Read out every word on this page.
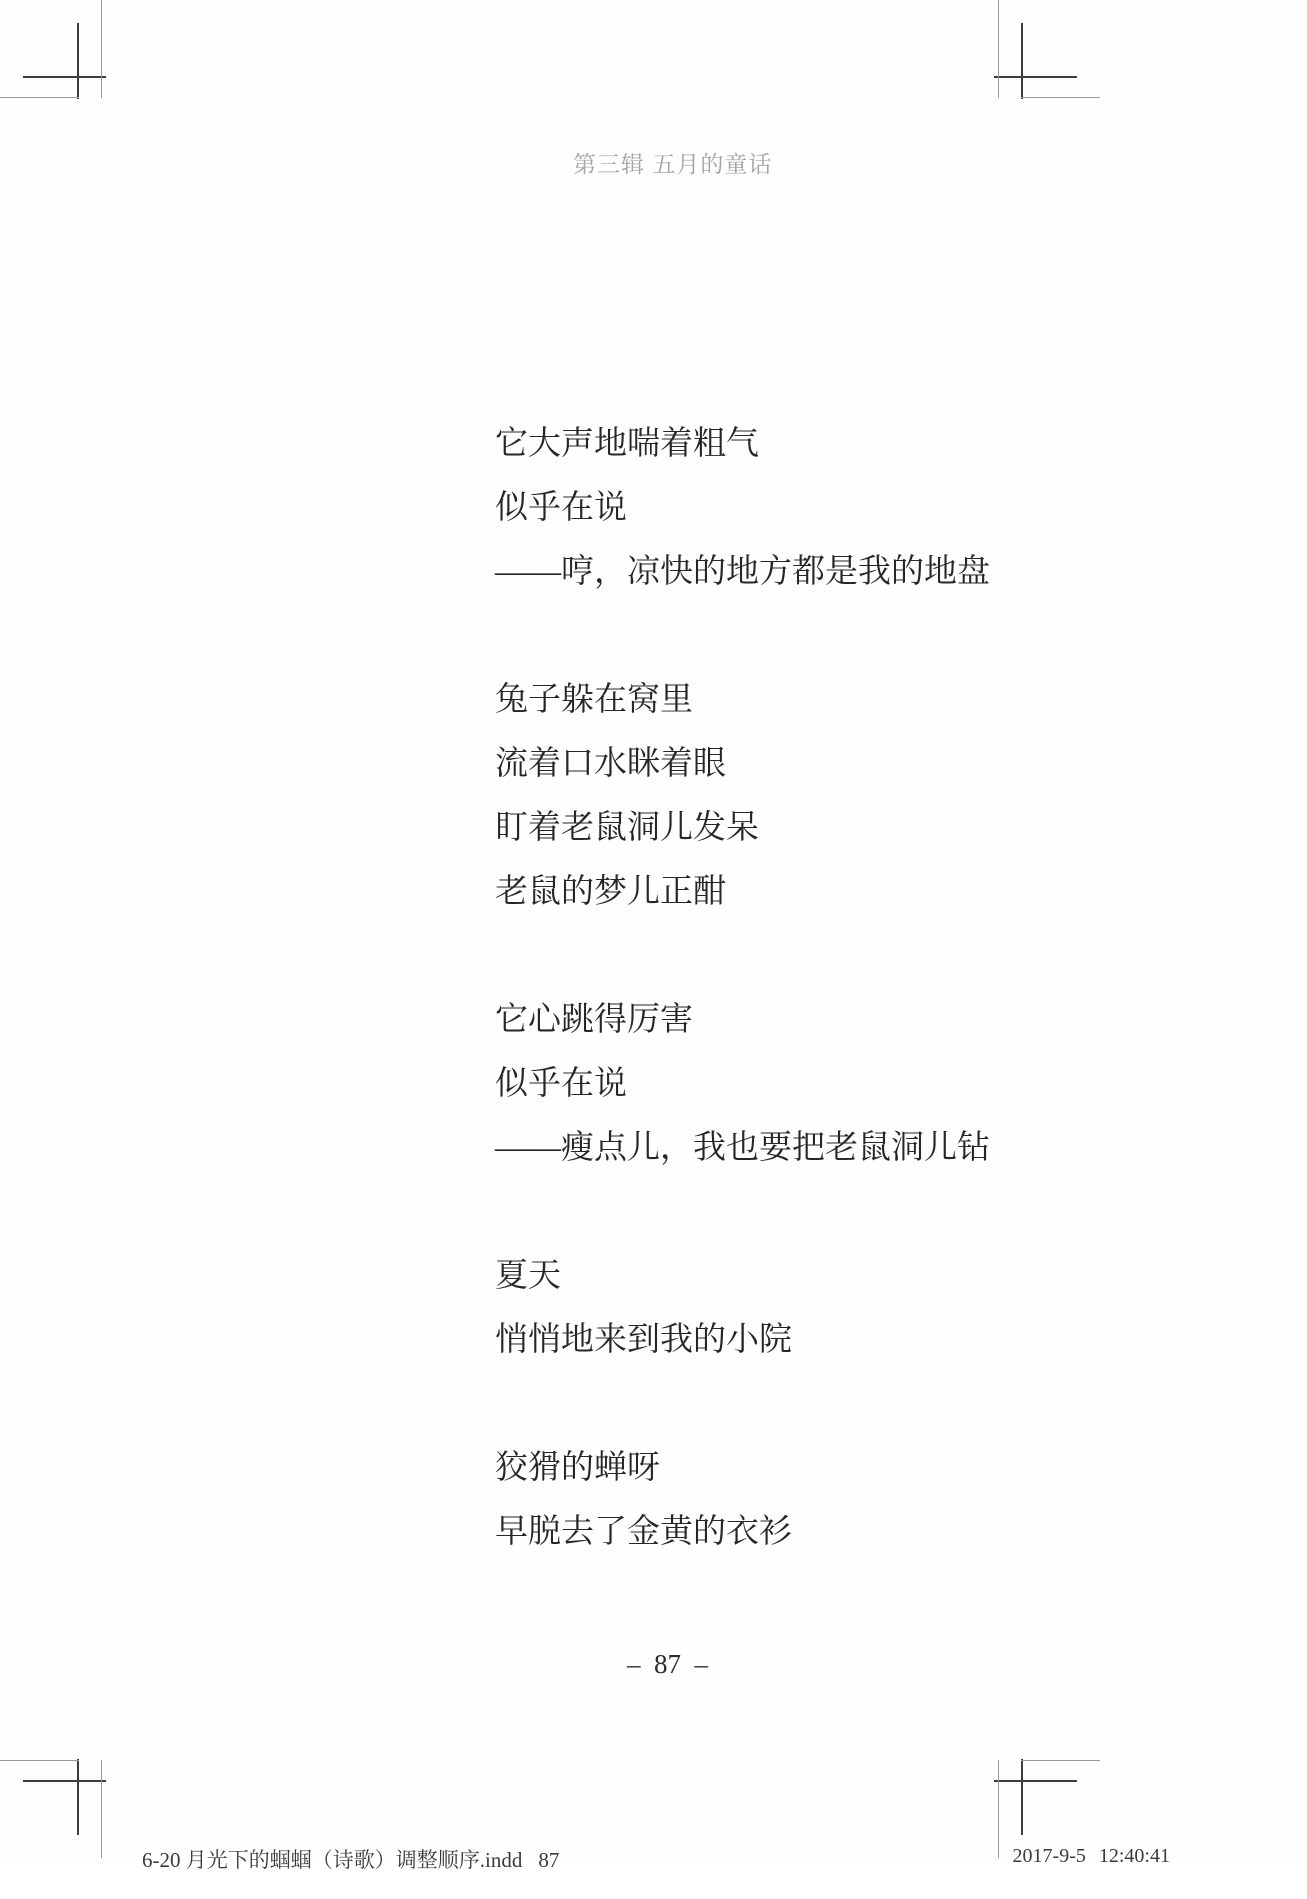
第三辑 五月的童话
它大声地喘着粗气
似乎在说
——哼，凉快的地方都是我的地盘
兔子躲在窝里
流着口水眯着眼
盯着老鼠洞儿发呆
老鼠的梦儿正酣
它心跳得厉害
似乎在说
——瘦点儿，我也要把老鼠洞儿钻
夏天
悄悄地来到我的小院
狡猾的蝉呀
早脱去了金黄的衣衫
–  87  –

6-20 月光下的蝈蝈（诗歌）调整顺序.indd 87
	2017-9-5 12:40:41
